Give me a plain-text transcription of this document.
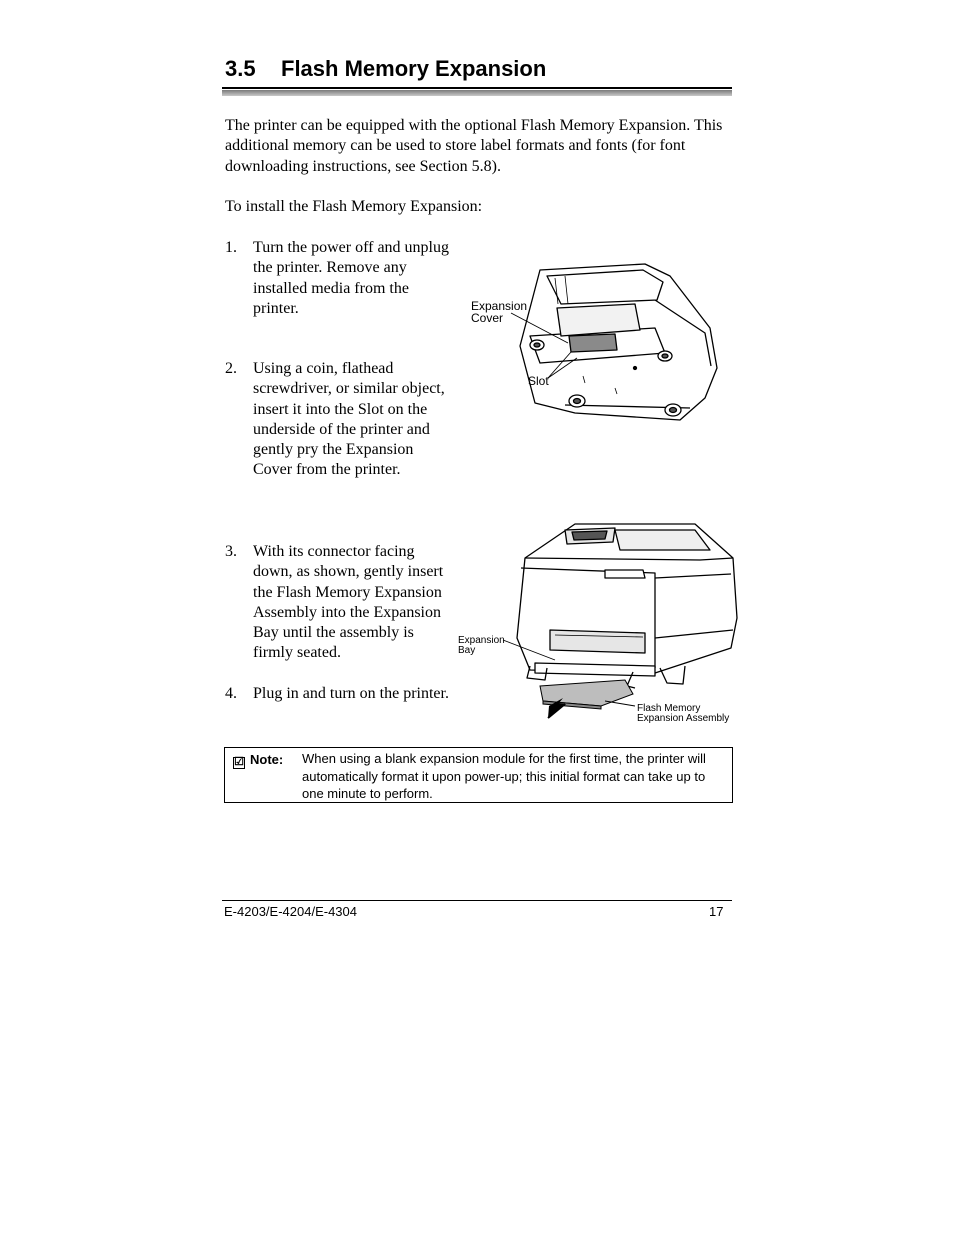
3.5 Flash Memory Expansion
The printer can be equipped with the optional Flash Memory Expansion. This additional memory can be used to store label formats and fonts (for font downloading instructions, see Section 5.8).
To install the Flash Memory Expansion:
1. Turn the power off and unplug the printer. Remove any installed media from the printer.
2. Using a coin, flathead screwdriver, or similar object, insert it into the Slot on the underside of the printer and gently pry the Expansion Cover from the printer.
3. With its connector facing down, as shown, gently insert the Flash Memory Expansion Assembly into the Expansion Bay until the assembly is firmly seated.
4. Plug in and turn on the printer.
Expansion
Cover
Slot
Expansion
Bay
Flash Memory
Expansion Assembly
☑ Note: When using a blank expansion module for the first time, the printer will automatically format it upon power-up; this initial format can take up to one minute to perform.
E-4203/E-4204/E-4304	17
